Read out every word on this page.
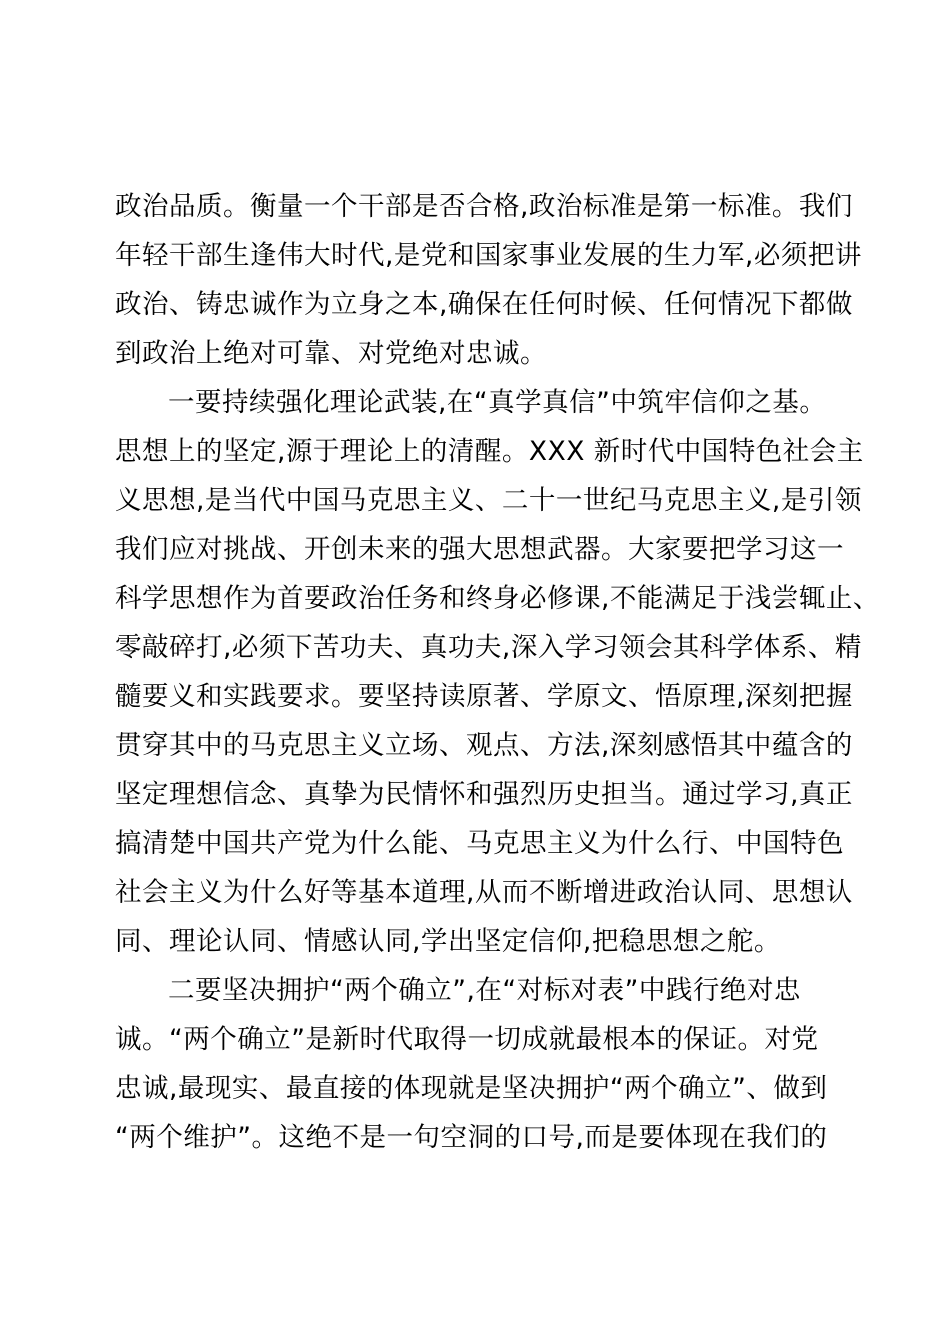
政治品质。衡量一个干部是否合格,政治标准是第一标准。我们
年轻干部生逢伟大时代,是党和国家事业发展的生力军,必须把讲
政治、铸忠诚作为立身之本,确保在任何时候、任何情况下都做
到政治上绝对可靠、对党绝对忠诚。
一要持续强化理论武装,在“真学真信”中筑牢信仰之基。
思想上的坚定,源于理论上的清醒。XXX 新时代中国特色社会主
义思想,是当代中国马克思主义、二十一世纪马克思主义,是引领
我们应对挑战、开创未来的强大思想武器。大家要把学习这一
科学思想作为首要政治任务和终身必修课,不能满足于浅尝辄止、
零敲碎打,必须下苦功夫、真功夫,深入学习领会其科学体系、精
髓要义和实践要求。要坚持读原著、学原文、悟原理,深刻把握
贯穿其中的马克思主义立场、观点、方法,深刻感悟其中蕴含的
坚定理想信念、真挚为民情怀和强烈历史担当。通过学习,真正
搞清楚中国共产党为什么能、马克思主义为什么行、中国特色
社会主义为什么好等基本道理,从而不断增进政治认同、思想认
同、理论认同、情感认同,学出坚定信仰,把稳思想之舵。
二要坚决拥护“两个确立”,在“对标对表”中践行绝对忠
诚。“两个确立”是新时代取得一切成就最根本的保证。对党
忠诚,最现实、最直接的体现就是坚决拥护“两个确立”、做到
“两个维护”。这绝不是一句空洞的口号,而是要体现在我们的
